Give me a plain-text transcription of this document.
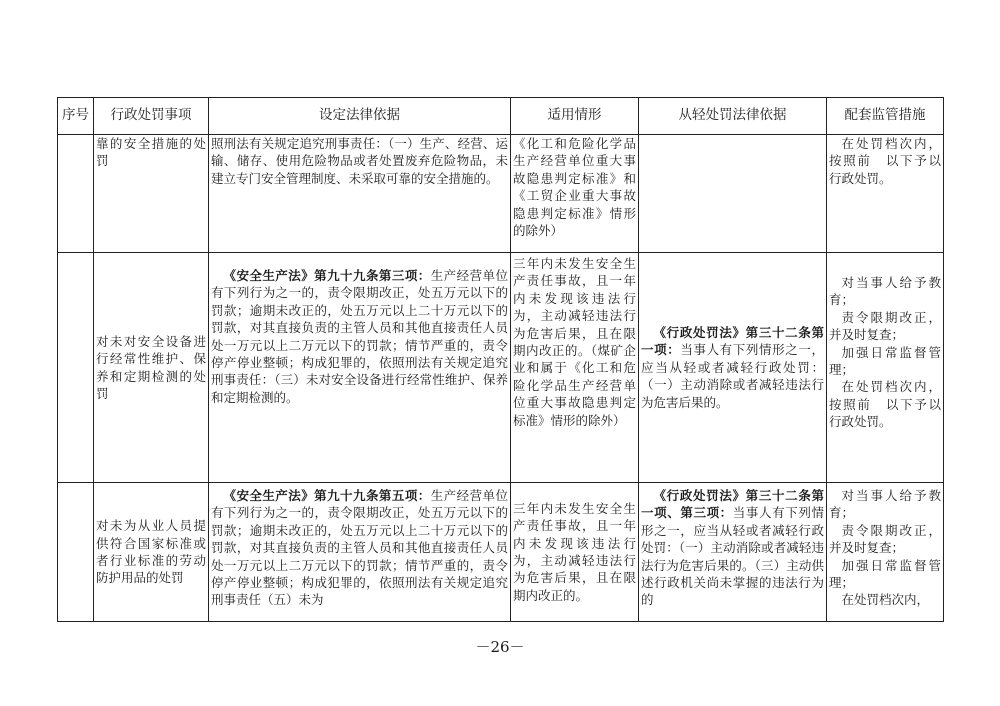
序号	行政处罚事项	设定法律依据	适用情形	从轻处罚法律依据	配套监管措施
	靠的安全措施的处罚	照刑法有关规定追究刑事责任：（一）生产、经营、运输、储存、使用危险物品或者处置废弃危险物品，未建立专门安全管理制度、未采取可靠的安全措施的。	《化工和危险化学品生产经营单位重大事故隐患判定标准》和《工贸企业重大事故隐患判定标准》情形的除外）		在处罚档次内，按照前　以下予以行政处罚。

	对未对安全设备进行经常性维护、保养和定期检测的处罚	《安全生产法》第九十九条第三项：生产经营单位有下列行为之一的，责令限期改正，处五万元以下的罚款；逾期未改正的，处五万元以上二十万元以下的罚款，对其直接负责的主管人员和其他直接责任人员处一万元以上二万元以下的罚款；情节严重的，责令停产停业整顿；构成犯罪的，依照刑法有关规定追究刑事责任：（三）未对安全设备进行经常性维护、保养和定期检测的。	三年内未发生安全生产责任事故，且一年内未发现该违法行为，主动减轻违法行为危害后果，且在限期内改正的。（煤矿企业和属于《化工和危险化学品生产经营单位重大事故隐患判定标准》情形的除外）	《行政处罚法》第三十二条第一项：当事人有下列情形之一，应当从轻或者减轻行政处罚：（一）主动消除或者减轻违法行为危害后果的。	对当事人给予教育；
责令限期改正，并及时复查；
加强日常监督管理；
在处罚档次内，按照前　以下予以行政处罚。

	对未为从业人员提供符合国家标准或者行业标准的劳动防护用品的处罚	《安全生产法》第九十九条第五项：生产经营单位有下列行为之一的，责令限期改正，处五万元以下的罚款；逾期未改正的，处五万元以上二十万元以下的罚款，对其直接负责的主管人员和其他直接责任人员处一万元以上二万元以下的罚款；情节严重的，责令停产停业整顿；构成犯罪的，依照刑法有关规定追究刑事责任（五）未为	三年内未发生安全生产责任事故，且一年内未发现该违法行为，主动减轻违法行为危害后果，且在限期内改正的。	《行政处罚法》第三十二条第一项、第三项：当事人有下列情形之一，应当从轻或者减轻行政处罚：（一）主动消除或者减轻违法行为危害后果的。（三）主动供述行政机关尚未掌握的违法行为的	对当事人给予教育；
责令限期改正，并及时复查；
加强日常监督管理；
在处罚档次内，
－26－
